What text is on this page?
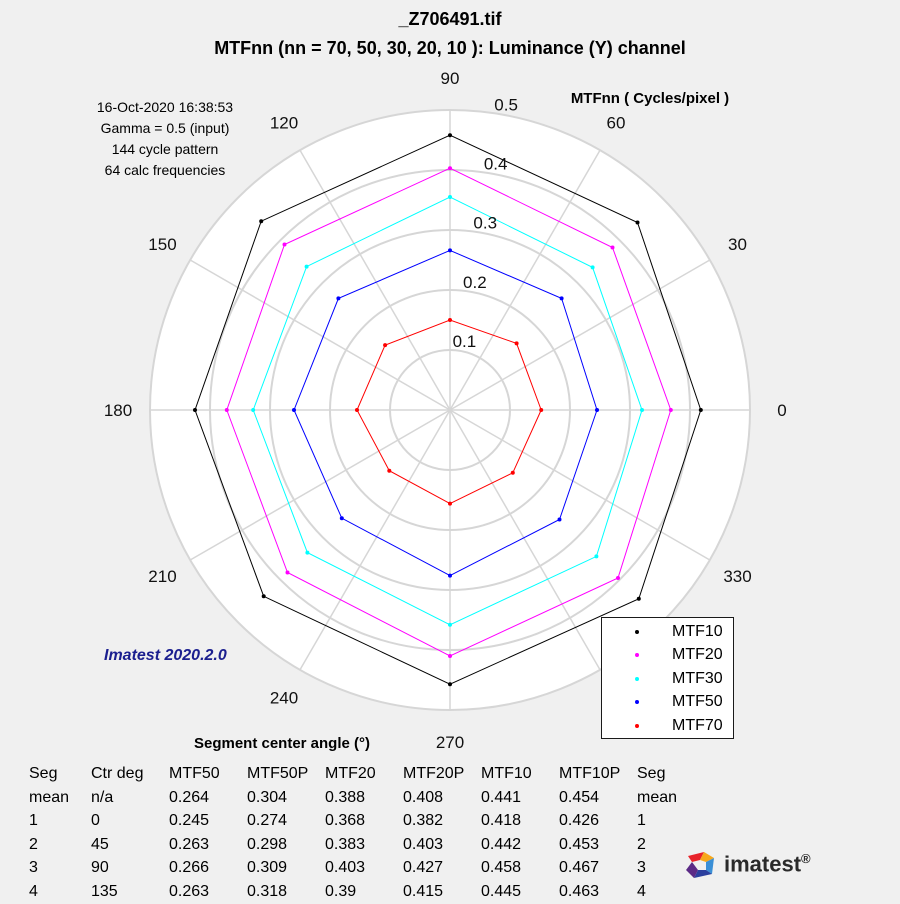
0
30
60
90
120
150
180
210
240
270
330
0.1
0.2
0.3
0.4
0.5	MTFnn ( Cycles/pixel )
Segment center angle (°)
_Z706491.tif
MTFnn (nn = 70, 50, 30, 20, 10 ): Luminance (Y) channel
16-Oct-2020 16:38:53
Gamma = 0.5 (input)
144 cycle pattern
64 calc frequencies
Imatest 2020.2.0
MTF10
MTF20
MTF30
MTF50
MTF70
Seg	Ctr deg	MTF50	MTF50P	MTF20	MTF20P	MTF10	MTF10P	Seg
mean	n/a	0.264	0.304	0.388	0.408	0.441	0.454	mean
1	0	0.245	0.274	0.368	0.382	0.418	0.426	1
2	45	0.263	0.298	0.383	0.403	0.442	0.453	2
3	90	0.266	0.309	0.403	0.427	0.458	0.467	3
4	135	0.263	0.318	0.39	0.415	0.445	0.463	4
imatest®
